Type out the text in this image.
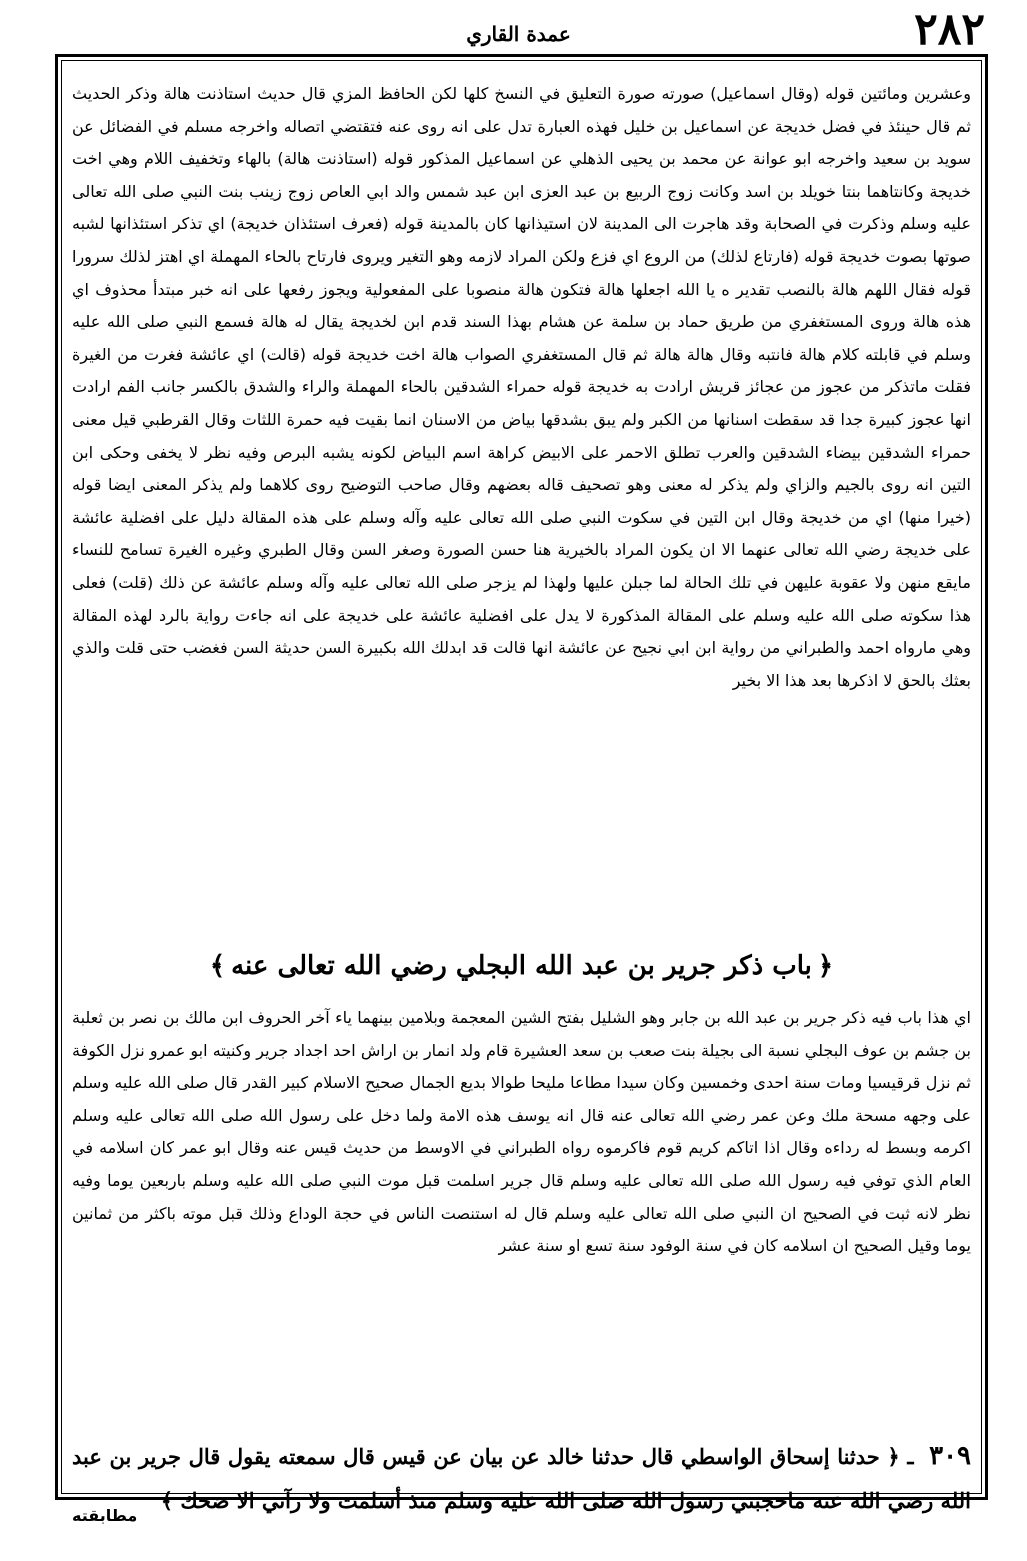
٢٨٢
عمدة القاري

وعشرين ومائتين قوله (وقال اسماعيل) صورته صورة التعليق في النسخ كلها لكن الحافظ المزي قال حديث استاذنت هالة وذكر الحديث ثم قال حينئذ في فضل خديجة عن اسماعيل بن خليل فهذه العبارة تدل على انه روى عنه فتقتضي اتصاله واخرجه مسلم في الفضائل عن سويد بن سعيد واخرجه ابو عوانة عن محمد بن يحيى الذهلي عن اسماعيل المذكور قوله (استاذنت هالة) بالهاء وتخفيف اللام وهي اخت خديجة وكانتاهما بنتا خويلد بن اسد وكانت زوج الربيع بن عبد العزى ابن عبد شمس والد ابي العاص زوج زينب بنت النبي صلى الله تعالى عليه وسلم وذكرت في الصحابة وقد هاجرت الى المدينة لان استيذانها كان بالمدينة قوله (فعرف استئذان خديجة) اي تذكر استئذانها لشبه صوتها بصوت خديجة قوله (فارتاع لذلك) من الروع اي فزع ولكن المراد لازمه وهو التغير ويروى فارتاح بالحاء المهملة اي اهتز لذلك سرورا قوله فقال اللهم هالة بالنصب تقدير ه يا الله اجعلها هالة فتكون هالة منصوبا على المفعولية ويجوز رفعها على انه خبر مبتدأ محذوف اي هذه هالة وروى المستغفري من طريق حماد بن سلمة عن هشام بهذا السند قدم ابن لخديجة يقال له هالة فسمع النبي صلى الله عليه وسلم في قابلته كلام هالة فانتبه وقال هالة هالة ثم قال المستغفري الصواب هالة اخت خديجة قوله (قالت) اي عائشة فغرت من الغيرة فقلت ماتذكر من عجوز من عجائز قريش ارادت به خديجة قوله حمراء الشدقين بالحاء المهملة والراء والشدق بالكسر جانب الفم ارادت انها عجوز كبيرة جدا قد سقطت اسنانها من الكبر ولم يبق بشدقها بياض من الاسنان انما بقيت فيه حمرة اللثات وقال القرطبي قيل معنى حمراء الشدقين بيضاء الشدقين والعرب تطلق الاحمر على الابيض كراهة اسم البياض لكونه يشبه البرص وفيه نظر لا يخفى وحكى ابن التين انه روى بالجيم والزاي ولم يذكر له معنى وهو تصحيف قاله بعضهم وقال صاحب التوضيح روى كلاهما ولم يذكر المعنى ايضا قوله (خيرا منها) اي من خديجة وقال ابن التين في سكوت النبي صلى الله تعالى عليه وآله وسلم على هذه المقالة دليل على افضلية عائشة على خديجة رضي الله تعالى عنهما الا ان يكون المراد بالخيرية هنا حسن الصورة وصغر السن وقال الطبري وغيره الغيرة تسامح للنساء مايقع منهن ولا عقوبة عليهن في تلك الحالة لما جبلن عليها ولهذا لم يزجر صلى الله تعالى عليه وآله وسلم عائشة عن ذلك (قلت) فعلى هذا سكوته صلى الله عليه وسلم على المقالة المذكورة لا يدل على افضلية عائشة على خديجة على انه جاءت رواية بالرد لهذه المقالة وهي مارواه احمد والطبراني من رواية ابن ابي نجيح عن عائشة انها قالت قد ابدلك الله بكبيرة السن حديثة السن فغضب حتى قلت والذي بعثك بالحق لا اذكرها بعد هذا الا بخير

﴿
باب ذكر جرير بن عبد الله البجلي رضي الله تعالى عنه
﴾

اي هذا باب فيه ذكر جرير بن عبد الله بن جابر وهو الشليل بفتح الشين المعجمة وبلامين بينهما ياء آخر الحروف ابن مالك بن نصر بن ثعلبة بن جشم بن عوف البجلي نسبة الى بجيلة بنت صعب بن سعد العشيرة قام ولد انمار بن اراش احد اجداد جرير وكنيته ابو عمرو نزل الكوفة ثم نزل قرقيسيا ومات سنة احدى وخمسين وكان سيدا مطاعا مليحا طوالا بديع الجمال صحيح الاسلام كبير القدر قال صلى الله عليه وسلم على وجهه مسحة ملك وعن عمر رضي الله تعالى عنه قال انه يوسف هذه الامة ولما دخل على رسول الله صلى الله تعالى عليه وسلم اكرمه وبسط له رداءه وقال اذا اتاكم كريم قوم فاكرموه رواه الطبراني في الاوسط من حديث قيس عنه وقال ابو عمر كان اسلامه في العام الذي توفي فيه رسول الله صلى الله تعالى عليه وسلم قال جرير اسلمت قبل موت النبي صلى الله عليه وسلم باربعين يوما وفيه نظر لانه ثبت في الصحيح ان النبي صلى الله تعالى عليه وسلم قال له استنصت الناس في حجة الوداع وذلك قبل موته باكثر من ثمانين يوما وقيل الصحيح ان اسلامه كان في سنة الوفود سنة تسع او سنة عشر

٣٠٩ ـ ﴿ حدثنا إسحاق الواسطي قال حدثنا خالد عن بيان عن قيس قال سمعته يقول قال جرير بن عبد الله رضي الله عنه ماحجبني رسول الله صلى الله عليه وسلم منذ أسلمت ولا رآني الا ضحك ﴾
مطابقته
